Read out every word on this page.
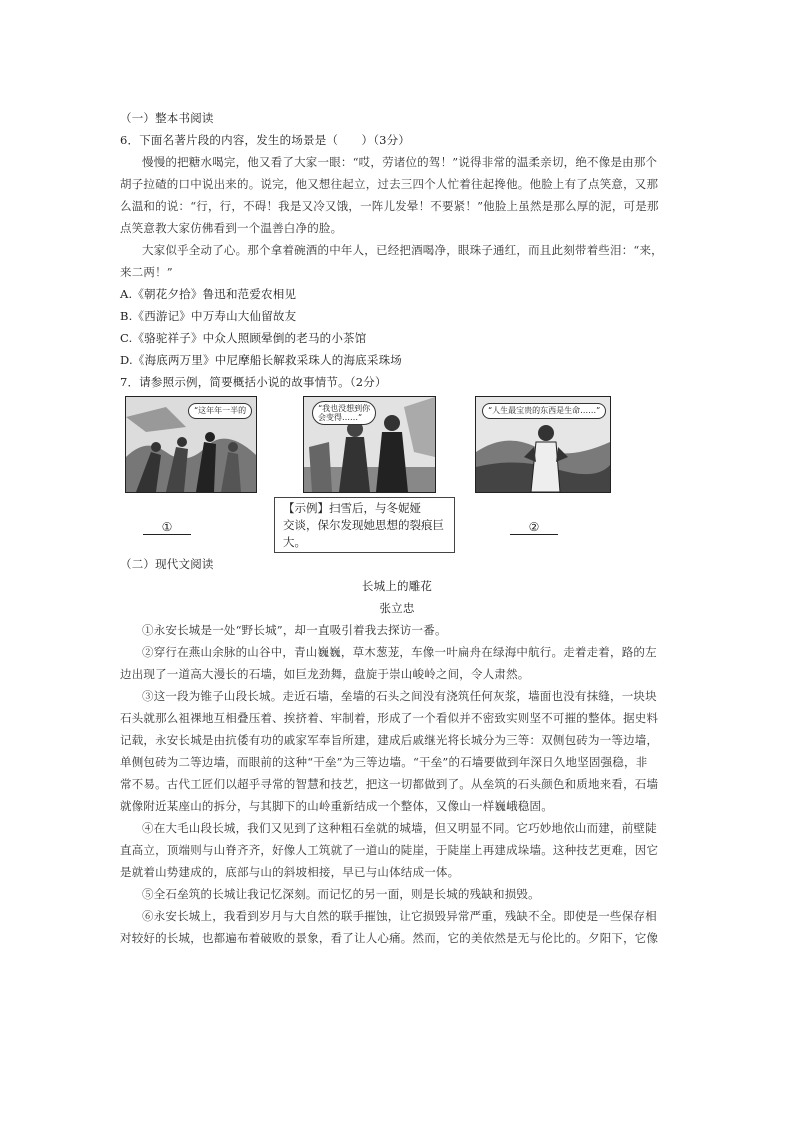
（一）整本书阅读
6．下面名著片段的内容，发生的场景是（　　）（3分）
慢慢的把糖水喝完，他又看了大家一眼：“哎，劳诸位的驾！”说得非常的温柔亲切，绝不像是由那个
胡子拉碴的口中说出来的。说完，他又想往起立，过去三四个人忙着往起搀他。他脸上有了点笑意，又那
么温和的说：“行，行，不碍！我是又冷又饿，一阵儿发晕！不要紧！”他脸上虽然是那么厚的泥，可是那
点笑意教大家仿佛看到一个温善白净的脸。
大家似乎全动了心。那个拿着碗酒的中年人，已经把酒喝净，眼珠子通红，而且此刻带着些泪：“来，
来二两！”
A.《朝花夕拾》鲁迅和范爱农相见
B.《西游记》中万寿山大仙留故友
C.《骆驼祥子》中众人照顾晕倒的老马的小茶馆
D.《海底两万里》中尼摩船长解救采珠人的海底采珠场
7．请参照示例，简要概括小说的故事情节。（2分）
“这年年一半的	“我也没想到你
会变得……”
“人生最宝贵的东西是生命……”
①
【示例】扫雪后，与冬妮娅
交谈，保尔发现她思想的裂痕巨
大。
②
（二）现代文阅读
长城上的雕花
张立忠
①永安长城是一处“野长城”，却一直吸引着我去探访一番。
②穿行在燕山余脉的山谷中，青山巍巍，草木葱茏，车像一叶扁舟在绿海中航行。走着走着，路的左
边出现了一道高大漫长的石墙，如巨龙劲舞，盘旋于崇山峻岭之间，令人肃然。
③这一段为锥子山段长城。走近石墙，垒墙的石头之间没有浇筑任何灰浆，墙面也没有抹缝，一块块
石头就那么祖祼地互相叠压着、挨挤着、牢制着，形成了一个看似并不密致实则坚不可摧的整体。据史料
记载，永安长城是由抗倭有功的戚家军奉旨所建，建成后戚继光将长城分为三等：双侧包砖为一等边墙，
单侧包砖为二等边墙，而眼前的这种“干垒”为三等边墙。“干垒”的石墙要做到年深日久地坚固强稳，非
常不易。古代工匠们以超乎寻常的智慧和技艺，把这一切都做到了。从垒筑的石头颜色和质地来看，石墙
就像附近某座山的拆分，与其脚下的山岭重新结成一个整体，又像山一样巍峨稳固。
④在大毛山段长城，我们又见到了这种粗石垒就的城墙，但又明显不同。它巧妙地依山而建，前壁陡
直高立，顶端则与山脊齐齐，好像人工筑就了一道山的陡崖，于陡崖上再建成垛墙。这种技艺更难，因它
是就着山势建成的，底部与山的斜坡相接，早已与山体结成一体。
⑤全石垒筑的长城让我记忆深刻。而记忆的另一面，则是长城的残缺和损毁。
⑥永安长城上，我看到岁月与大自然的联手摧蚀，让它损毁异常严重，残缺不全。即使是一些保存相
对较好的长城，也都遍布着破败的景象，看了让人心痛。然而，它的美依然是无与伦比的。夕阳下，它像
